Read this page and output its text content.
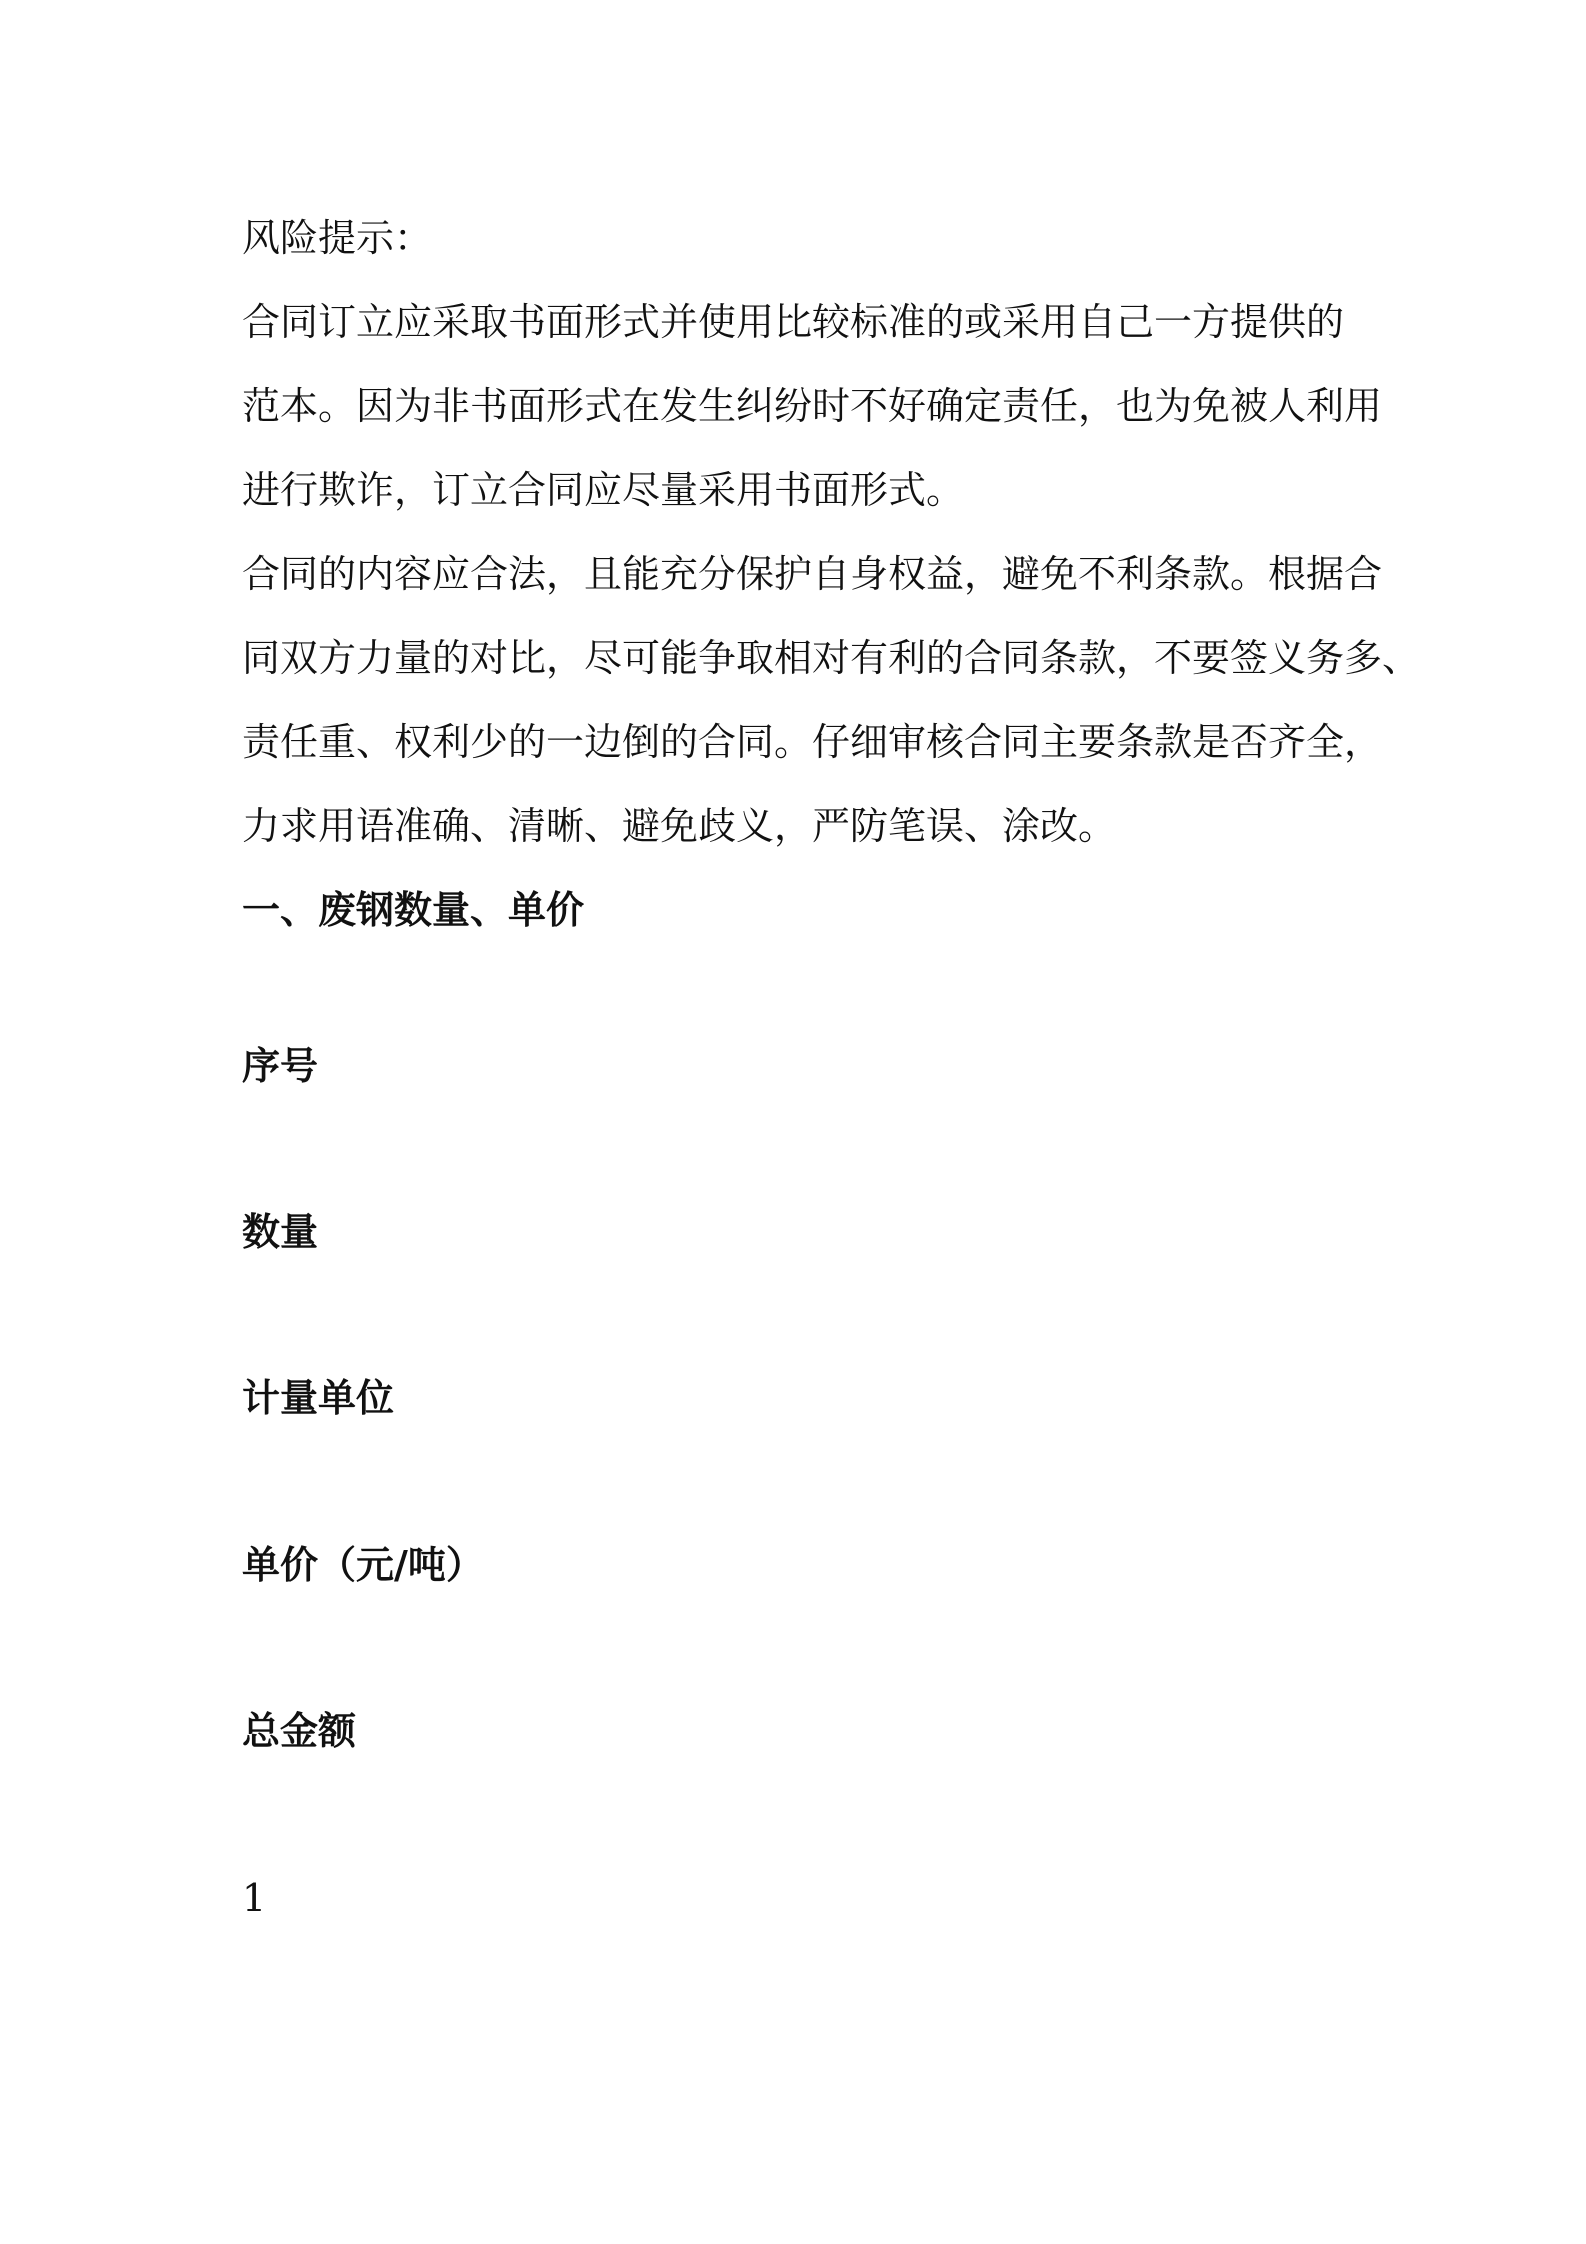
风险提示：

合同订立应采取书面形式并使用比较标准的或采用自己一方提供的

范本。因为非书面形式在发生纠纷时不好确定责任，也为免被人利用

进行欺诈，订立合同应尽量采用书面形式。

合同的内容应合法，且能充分保护自身权益，避免不利条款。根据合

同双方力量的对比，尽可能争取相对有利的合同条款，不要签义务多、

责任重、权利少的一边倒的合同。仔细审核合同主要条款是否齐全，

力求用语准确、清晰、避免歧义，严防笔误、涂改。

一、废钢数量、单价

序号

数量

计量单位

单价（元/吨）

总金额

1
